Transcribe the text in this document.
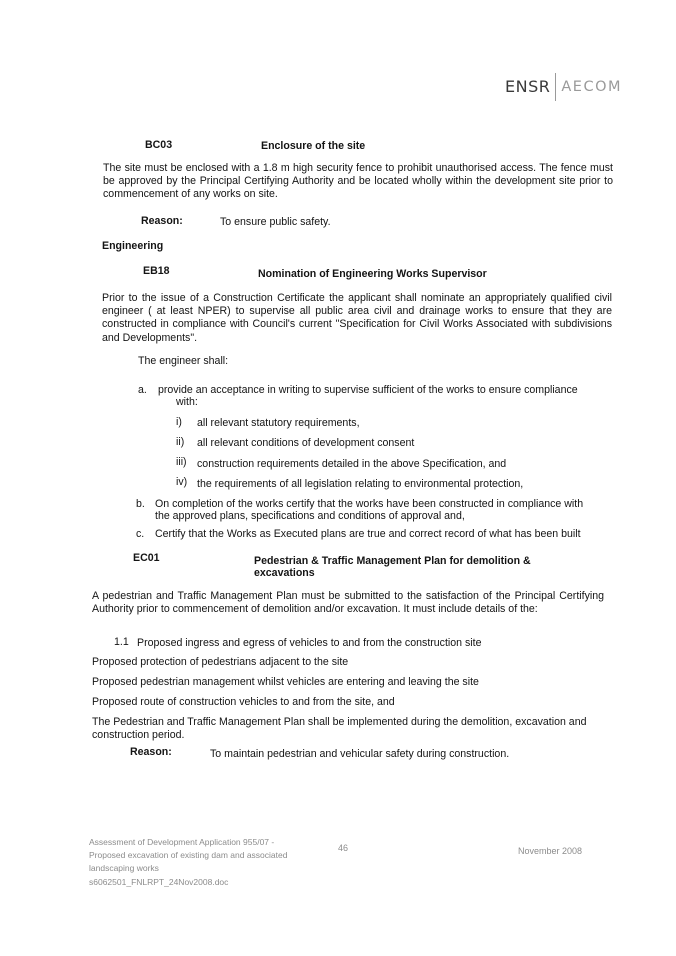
ENSR AECOM
BC03	Enclosure of the site
The site must be enclosed with a 1.8 m high security fence to prohibit unauthorised access. The fence must be approved by the Principal Certifying Authority and be located wholly within the development site prior to commencement of any works on site.
Reason:	To ensure public safety.
Engineering
EB18	Nomination of Engineering Works Supervisor
Prior to the issue of a Construction Certificate the applicant shall nominate an appropriately qualified civil engineer ( at least NPER) to supervise all public area civil and drainage works to ensure that they are constructed in compliance with Council's current "Specification for Civil Works Associated with subdivisions and Developments".
The engineer shall:
a. provide an acceptance in writing to supervise sufficient of the works to ensure compliance
with:
i) all relevant statutory requirements,
ii) all relevant conditions of development consent
iii) construction requirements detailed in the above Specification, and
iv) the requirements of all legislation relating to environmental protection,
b. On completion of the works certify that the works have been constructed in compliance with
the approved plans, specifications and conditions of approval and,
c. Certify that the Works as Executed plans are true and correct record of what has been built
EC01	Pedestrian & Traffic Management Plan for demolition &
excavations
A pedestrian and Traffic Management Plan must be submitted to the satisfaction of the Principal Certifying Authority prior to commencement of demolition and/or excavation. It must include details of the:
1.1 Proposed ingress and egress of vehicles to and from the construction site
Proposed protection of pedestrians adjacent to the site
Proposed pedestrian management whilst vehicles are entering and leaving the site
Proposed route of construction vehicles to and from the site, and
The Pedestrian and Traffic Management Plan shall be implemented during the demolition, excavation and construction period.
Reason:	To maintain pedestrian and vehicular safety during construction.
Assessment of Development Application 955/07 -
Proposed excavation of existing dam and associated
landscaping works
s6062501_FNLRPT_24Nov2008.doc
46	November 2008
